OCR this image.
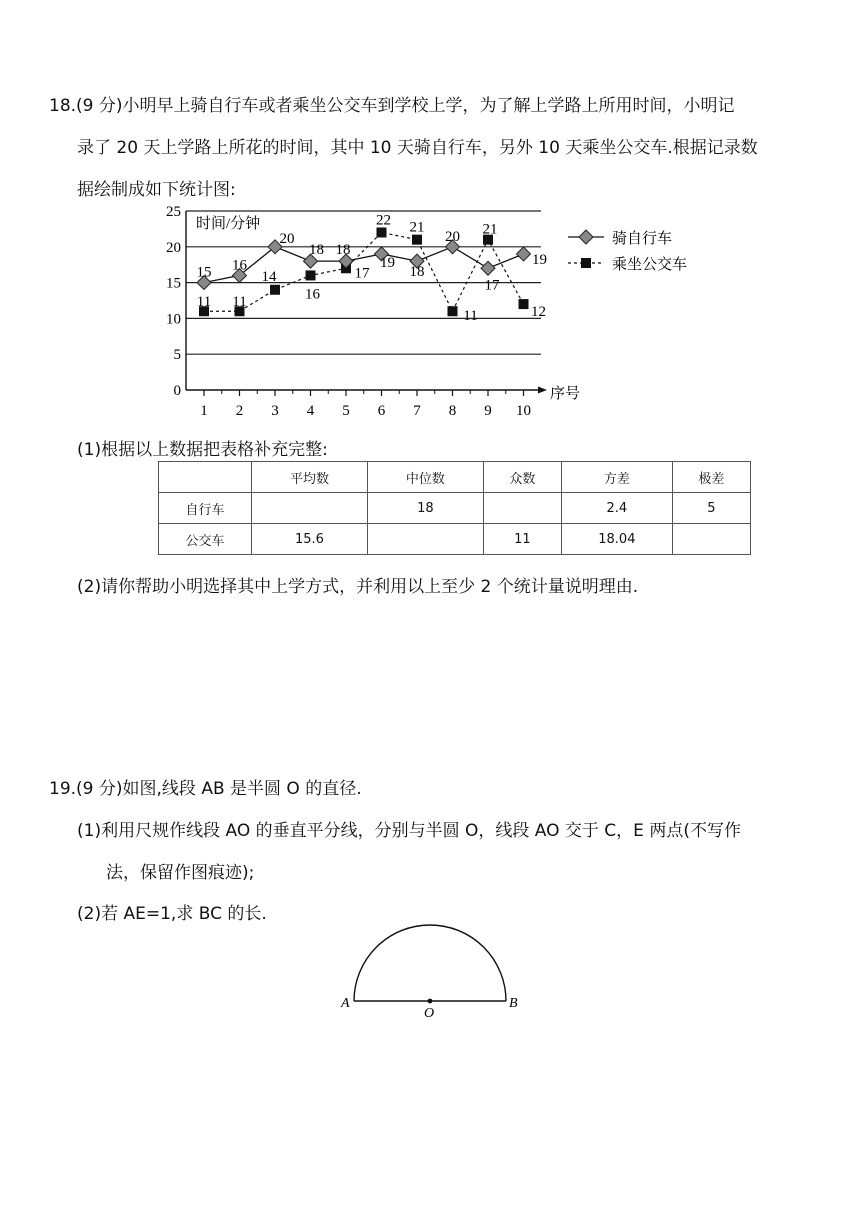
18.(9 分)小明早上骑自行车或者乘坐公交车到学校上学，为了解上学路上所用时间，小明记
录了 20 天上学路上所花的时间，其中 10 天骑自行车，另外 10 天乘坐公交车.根据记录数
据绘制成如下统计图:
0
5
10
15
20
25
1 2 3 4 5 6 7 8 9 10
时间/分钟
序号
15 16
20
18 18
19
18
20
17
19
11 11
14
16
17
22 21
11
21
12
骑自行车
乘坐公交车
(1)根据以上数据把表格补充完整:
	平均数	中位数	众数	方差	极差
自行车		18		2.4	5
公交车	15.6		11	18.04	
(2)请你帮助小明选择其中上学方式，并利用以上至少 2 个统计量说明理由.
19.(9 分)如图,线段 AB 是半圆 O 的直径.
(1)利用尺规作线段 AO 的垂直平分线，分别与半圆 O，线段 AO 交于 C，E 两点(不写作
法，保留作图痕迹);
(2)若 AE=1,求 BC 的长.
A
O
B
